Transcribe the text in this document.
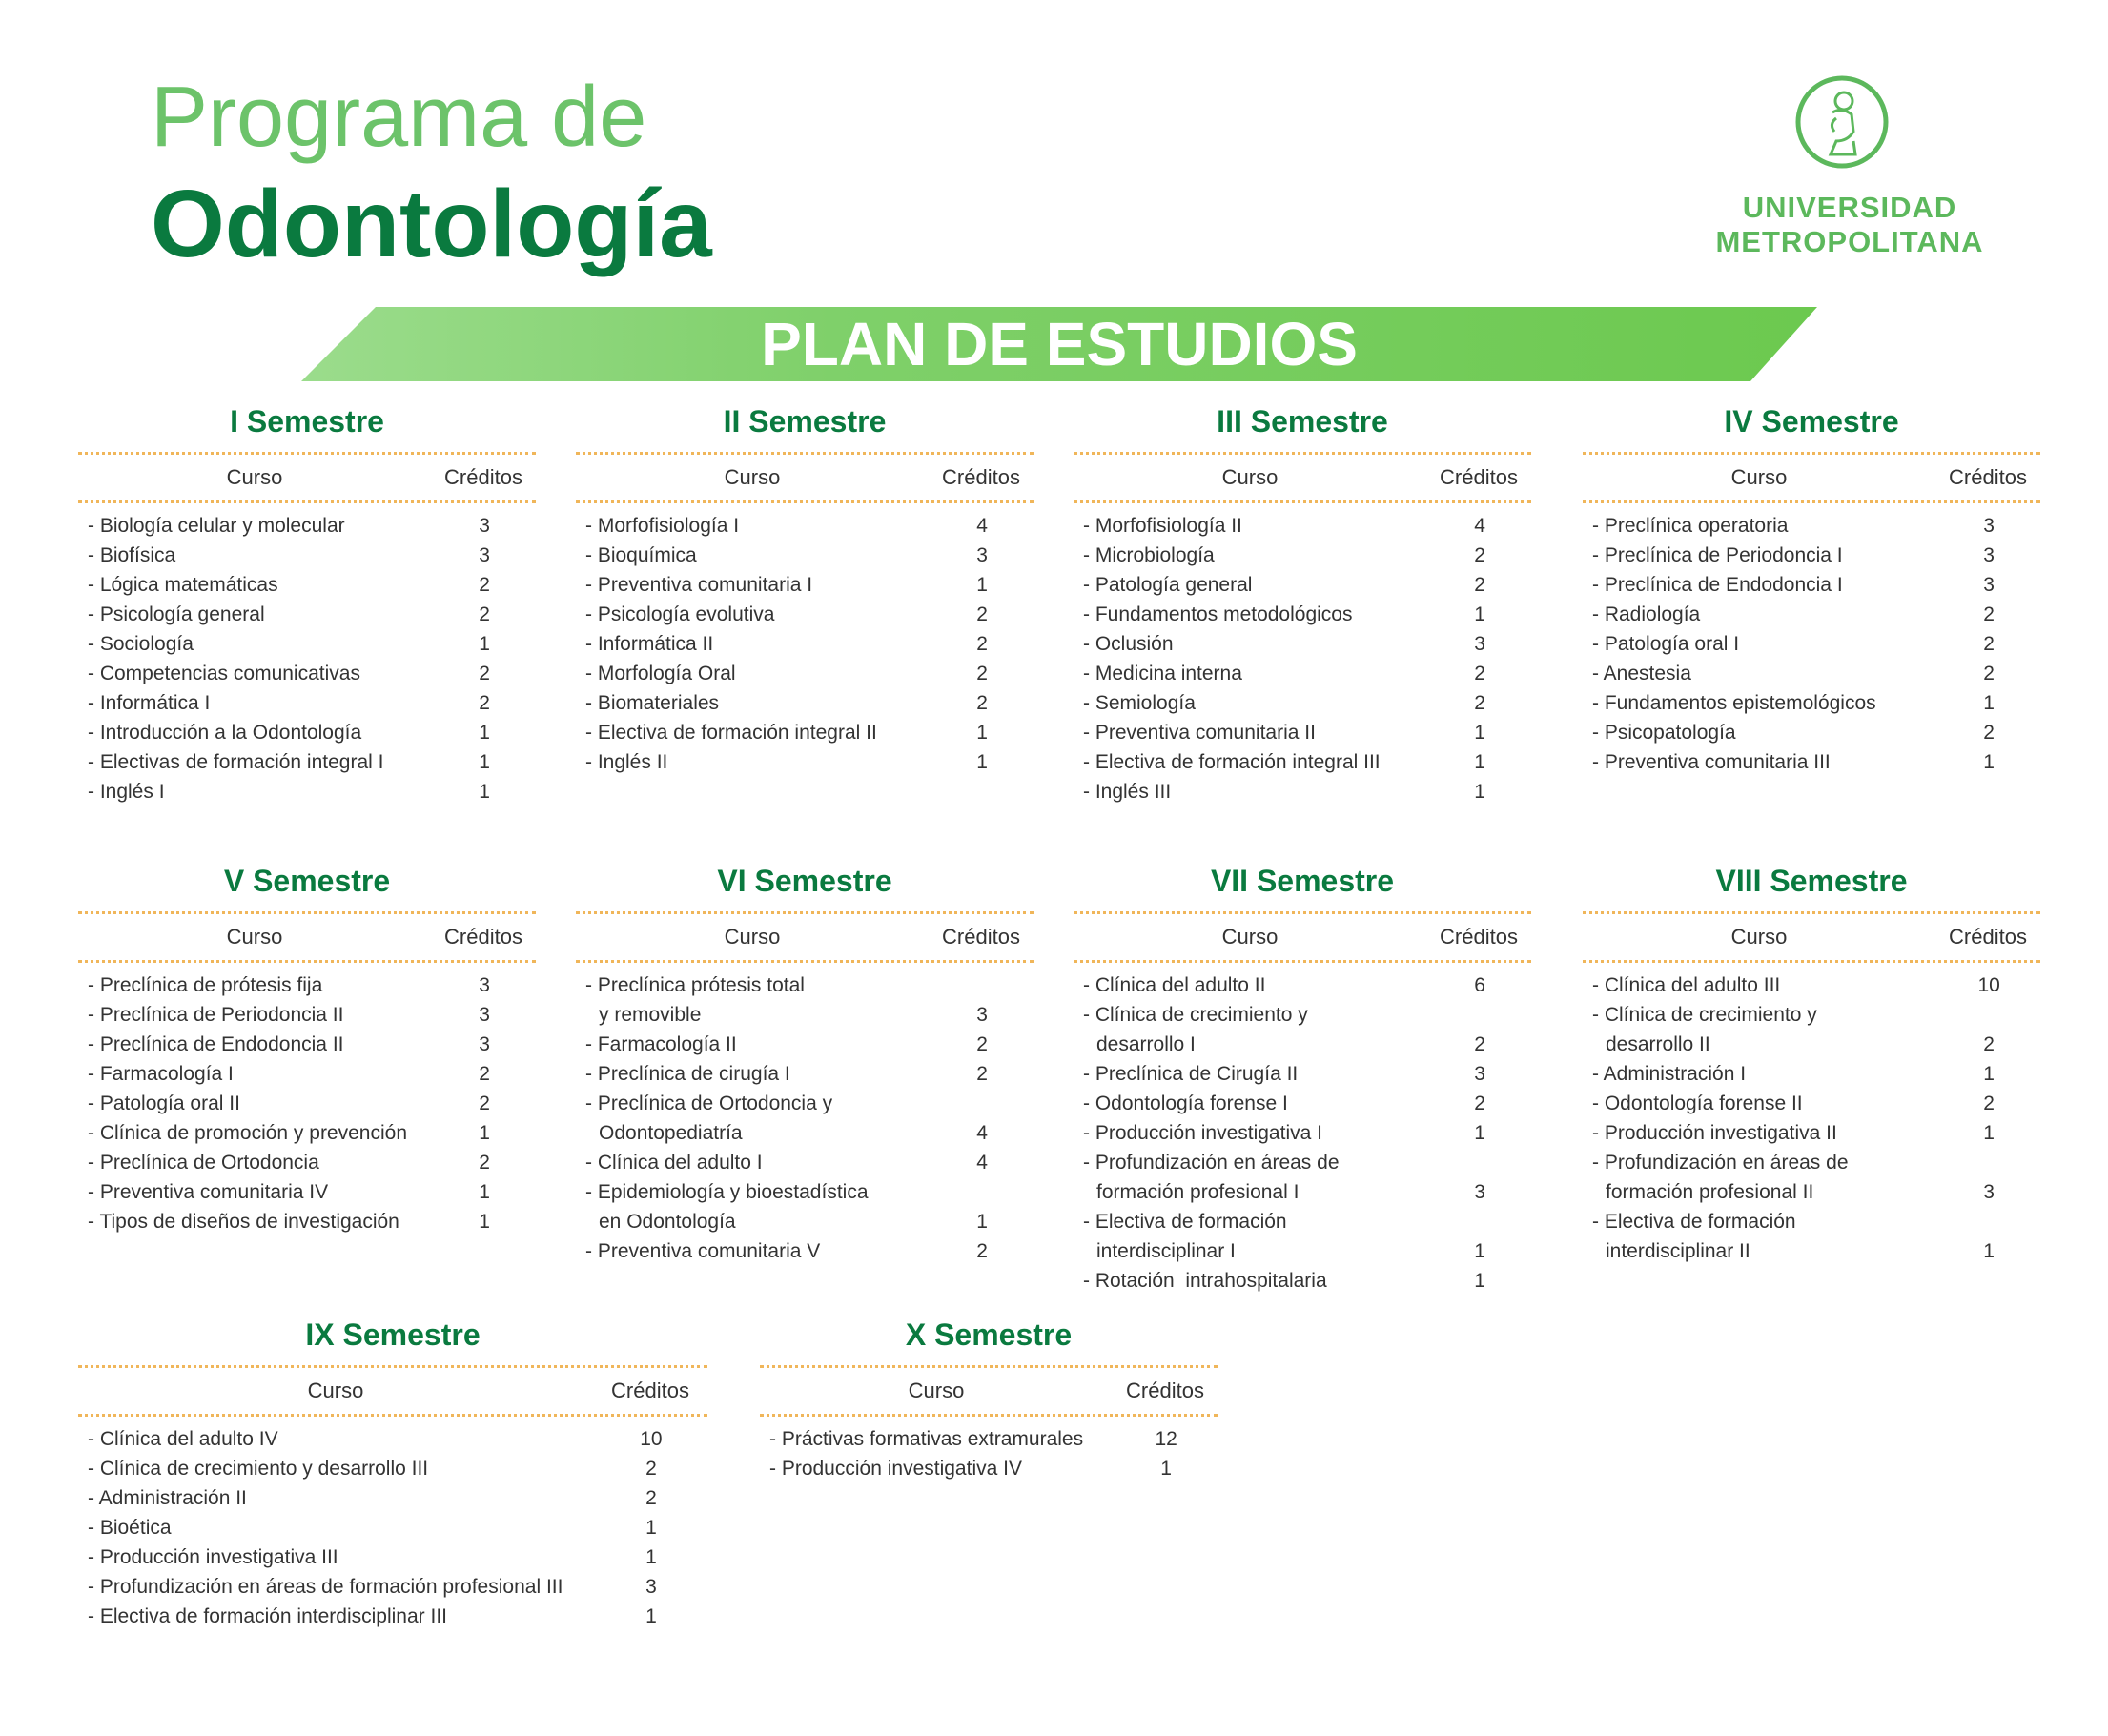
Programa de
Odontología	UNIVERSIDAD
METROPOLITANA
PLAN DE ESTUDIOS
I Semestre
Curso	Créditos
- Biología celular y molecular	3
- Biofísica	3
- Lógica matemáticas	2
- Psicología general	2
- Sociología	1
- Competencias comunicativas	2
- Informática I	2
- Introducción a la Odontología	1
- Electivas de formación integral I	1
- Inglés I	1
II Semestre
Curso	Créditos
- Morfofisiología I	4
- Bioquímica	3
- Preventiva comunitaria I	1
- Psicología evolutiva	2
- Informática II	2
- Morfología Oral	2
- Biomateriales	2
- Electiva de formación integral II	1
- Inglés II	1
III Semestre
Curso	Créditos
- Morfofisiología II	4
- Microbiología	2
- Patología general	2
- Fundamentos metodológicos	1
- Oclusión	3
- Medicina interna	2
- Semiología	2
- Preventiva comunitaria II	1
- Electiva de formación integral III	1
- Inglés III	1
IV Semestre
Curso	Créditos
- Preclínica operatoria	3
- Preclínica de Periodoncia I	3
- Preclínica de Endodoncia I	3
- Radiología	2
- Patología oral I	2
- Anestesia	2
- Fundamentos epistemológicos	1
- Psicopatología	2
- Preventiva comunitaria III	1
V Semestre
Curso	Créditos
- Preclínica de prótesis fija	3
- Preclínica de Periodoncia II	3
- Preclínica de Endodoncia II	3
- Farmacología I	2
- Patología oral II	2
- Clínica de promoción y prevención	1
- Preclínica de Ortodoncia	2
- Preventiva comunitaria IV	1
- Tipos de diseños de investigación	1
VI Semestre
Curso	Créditos
- Preclínica prótesis total
y removible	3
- Farmacología II	2
- Preclínica de cirugía I	2
- Preclínica de Ortodoncia y
Odontopediatría	4
- Clínica del adulto I	4
- Epidemiología y bioestadística
en Odontología	1
- Preventiva comunitaria V	2
VII Semestre
Curso	Créditos
- Clínica del adulto II	6
- Clínica de crecimiento y
desarrollo I	2
- Preclínica de Cirugía II	3
- Odontología forense I	2
- Producción investigativa I	1
- Profundización en áreas de
formación profesional I	3
- Electiva de formación
interdisciplinar I	1
- Rotación  intrahospitalaria	1
VIII Semestre
Curso	Créditos
- Clínica del adulto III	10
- Clínica de crecimiento y
desarrollo II	2
- Administración I	1
- Odontología forense II	2
- Producción investigativa II	1
- Profundización en áreas de
formación profesional II	3
- Electiva de formación
interdisciplinar II	1
IX Semestre
Curso	Créditos
- Clínica del adulto IV	10
- Clínica de crecimiento y desarrollo III	2
- Administración II	2
- Bioética	1
- Producción investigativa III	1
- Profundización en áreas de formación profesional III	3
- Electiva de formación interdisciplinar III	1
X Semestre
Curso	Créditos
- Práctivas formativas extramurales	12
- Producción investigativa IV	1
